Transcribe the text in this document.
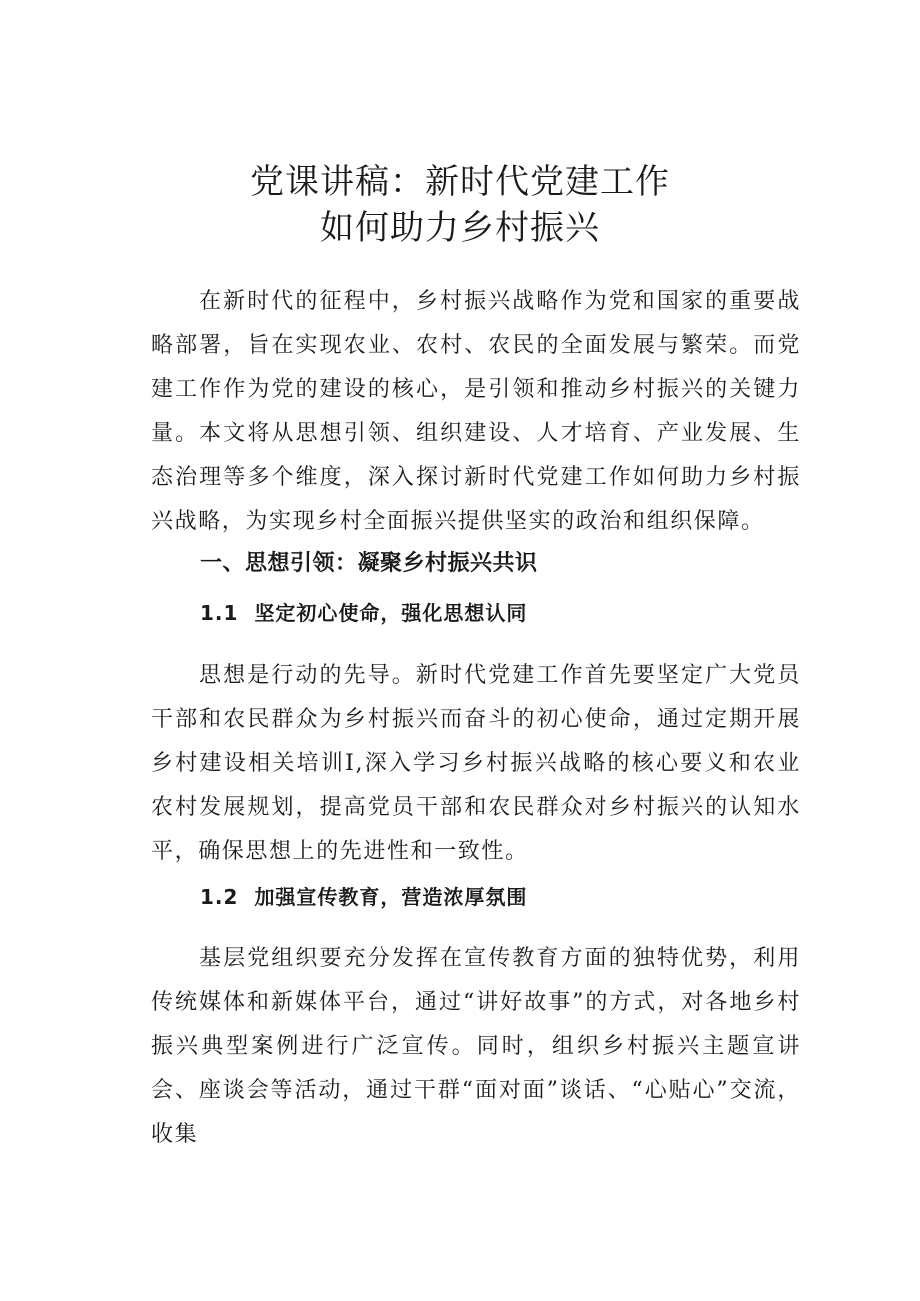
党课讲稿：新时代党建工作
如何助力乡村振兴

在新时代的征程中，乡村振兴战略作为党和国家的重要战略部署，旨在实现农业、农村、农民的全面发展与繁荣。而党建工作作为党的建设的核心，是引领和推动乡村振兴的关键力量。本文将从思想引领、组织建设、人才培育、产业发展、生态治理等多个维度，深入探讨新时代党建工作如何助力乡村振兴战略，为实现乡村全面振兴提供坚实的政治和组织保障。

一、思想引领：凝聚乡村振兴共识
1.1 坚定初心使命，强化思想认同

思想是行动的先导。新时代党建工作首先要坚定广大党员干部和农民群众为乡村振兴而奋斗的初心使命，通过定期开展乡村建设相关培训I,深入学习乡村振兴战略的核心要义和农业农村发展规划，提高党员干部和农民群众对乡村振兴的认知水平，确保思想上的先进性和一致性。

1.2 加强宣传教育，营造浓厚氛围

基层党组织要充分发挥在宣传教育方面的独特优势，利用传统媒体和新媒体平台，通过“讲好故事”的方式，对各地乡村振兴典型案例进行广泛宣传。同时，组织乡村振兴主题宣讲会、座谈会等活动，通过干群“面对面”谈话、“心贴心”交流，收集
